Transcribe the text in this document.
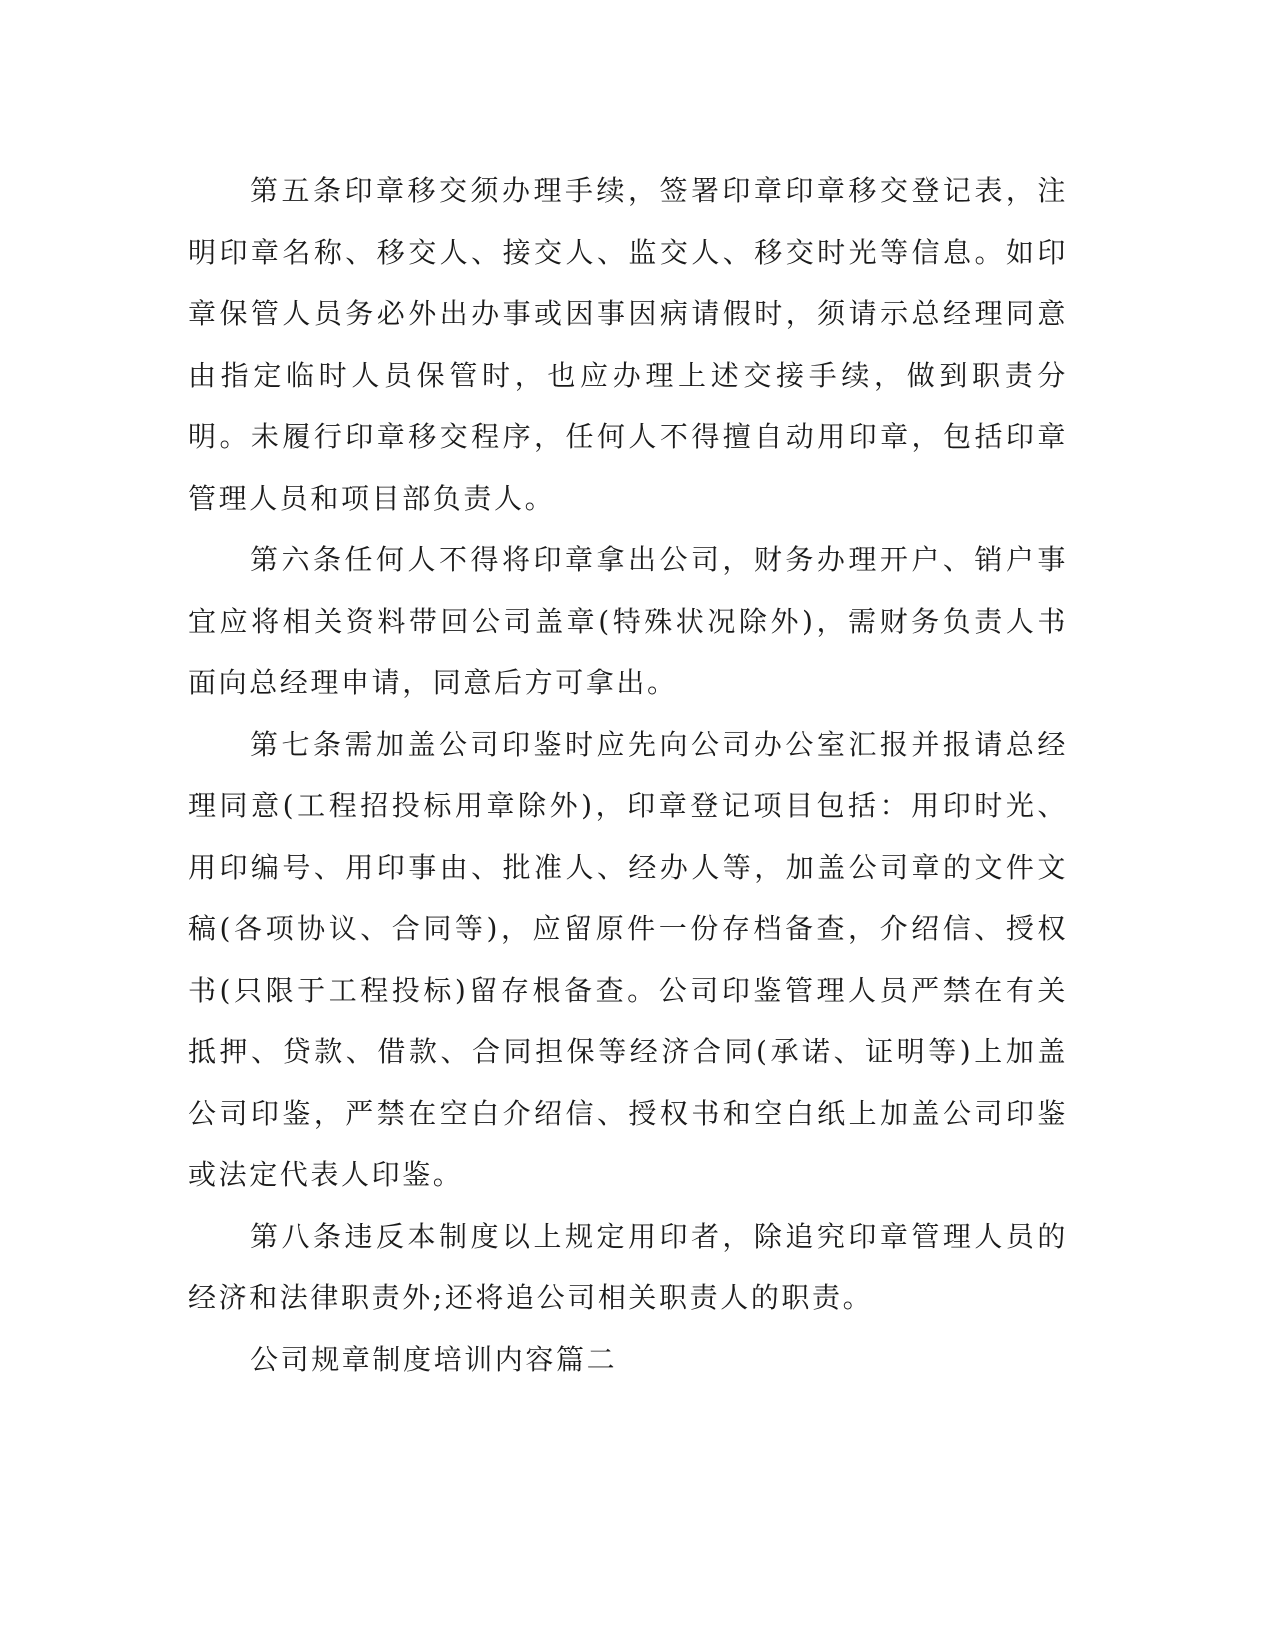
第五条印章移交须办理手续，签署印章印章移交登记表，注明印章名称、移交人、接交人、监交人、移交时光等信息。如印章保管人员务必外出办事或因事因病请假时，须请示总经理同意由指定临时人员保管时，也应办理上述交接手续，做到职责分明。未履行印章移交程序，任何人不得擅自动用印章，包括印章管理人员和项目部负责人。

第六条任何人不得将印章拿出公司，财务办理开户、销户事宜应将相关资料带回公司盖章(特殊状况除外)，需财务负责人书面向总经理申请，同意后方可拿出。

第七条需加盖公司印鉴时应先向公司办公室汇报并报请总经理同意(工程招投标用章除外)，印章登记项目包括：用印时光、用印编号、用印事由、批准人、经办人等，加盖公司章的文件文稿(各项协议、合同等)，应留原件一份存档备查，介绍信、授权书(只限于工程投标)留存根备查。公司印鉴管理人员严禁在有关抵押、贷款、借款、合同担保等经济合同(承诺、证明等)上加盖公司印鉴，严禁在空白介绍信、授权书和空白纸上加盖公司印鉴或法定代表人印鉴。

第八条违反本制度以上规定用印者，除追究印章管理人员的经济和法律职责外;还将追公司相关职责人的职责。

公司规章制度培训内容篇二
